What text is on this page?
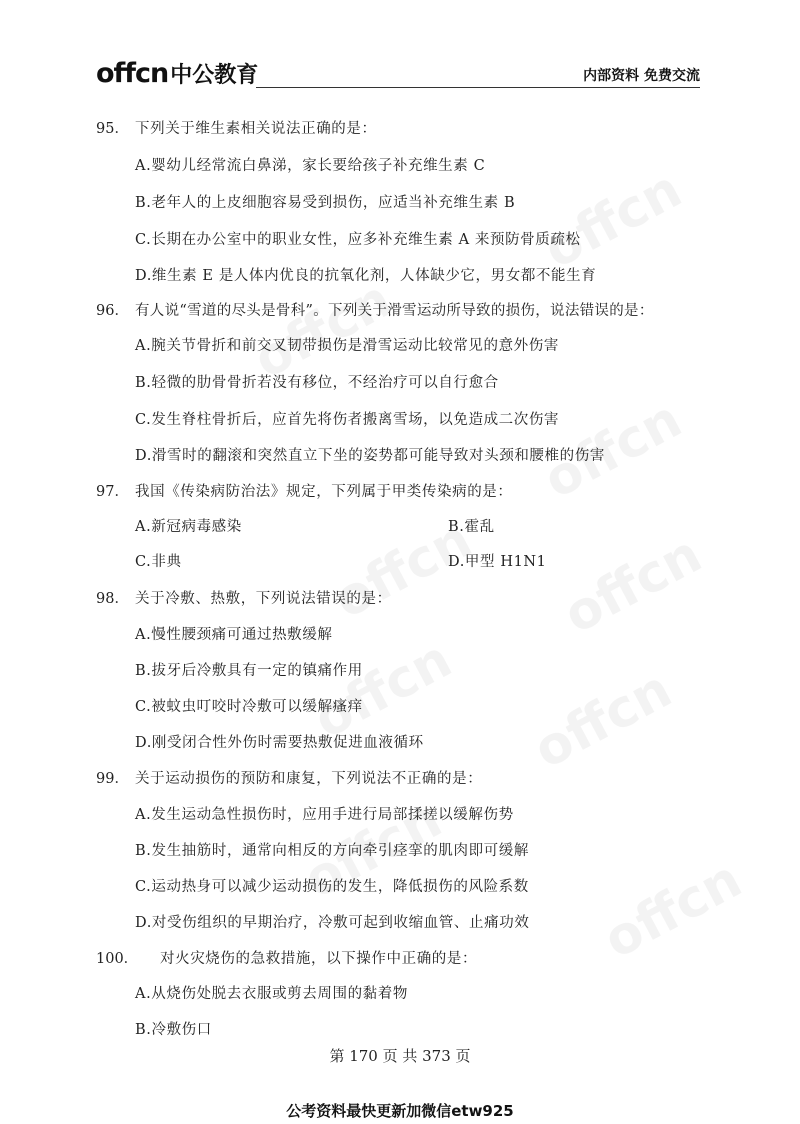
offcn中公教育	内部资料 免费交流
95． 下列关于维生素相关说法正确的是：
A.婴幼儿经常流白鼻涕，家长要给孩子补充维生素 C
B.老年人的上皮细胞容易受到损伤，应适当补充维生素 B
C.长期在办公室中的职业女性，应多补充维生素 A 来预防骨质疏松
D.维生素 E 是人体内优良的抗氧化剂，人体缺少它，男女都不能生育
96． 有人说“雪道的尽头是骨科”。下列关于滑雪运动所导致的损伤，说法错误的是：
A.腕关节骨折和前交叉韧带损伤是滑雪运动比较常见的意外伤害
B.轻微的肋骨骨折若没有移位，不经治疗可以自行愈合
C.发生脊柱骨折后，应首先将伤者搬离雪场，以免造成二次伤害
D.滑雪时的翻滚和突然直立下坐的姿势都可能导致对头颈和腰椎的伤害
97． 我国《传染病防治法》规定，下列属于甲类传染病的是：
A.新冠病毒感染	B.霍乱
C.非典	D.甲型 H1N1
98． 关于冷敷、热敷，下列说法错误的是：
A.慢性腰颈痛可通过热敷缓解
B.拔牙后冷敷具有一定的镇痛作用
C.被蚊虫叮咬时冷敷可以缓解瘙痒
D.刚受闭合性外伤时需要热敷促进血液循环
99． 关于运动损伤的预防和康复，下列说法不正确的是：
A.发生运动急性损伤时，应用手进行局部揉搓以缓解伤势
B.发生抽筋时，通常向相反的方向牵引痉挛的肌肉即可缓解
C.运动热身可以减少运动损伤的发生，降低损伤的风险系数
D.对受伤组织的早期治疗，冷敷可起到收缩血管、止痛功效
100． 对火灾烧伤的急救措施，以下操作中正确的是：
A.从烧伤处脱去衣服或剪去周围的黏着物
B.冷敷伤口
第 170 页 共 373 页
公考资料最快更新加微信etw925
